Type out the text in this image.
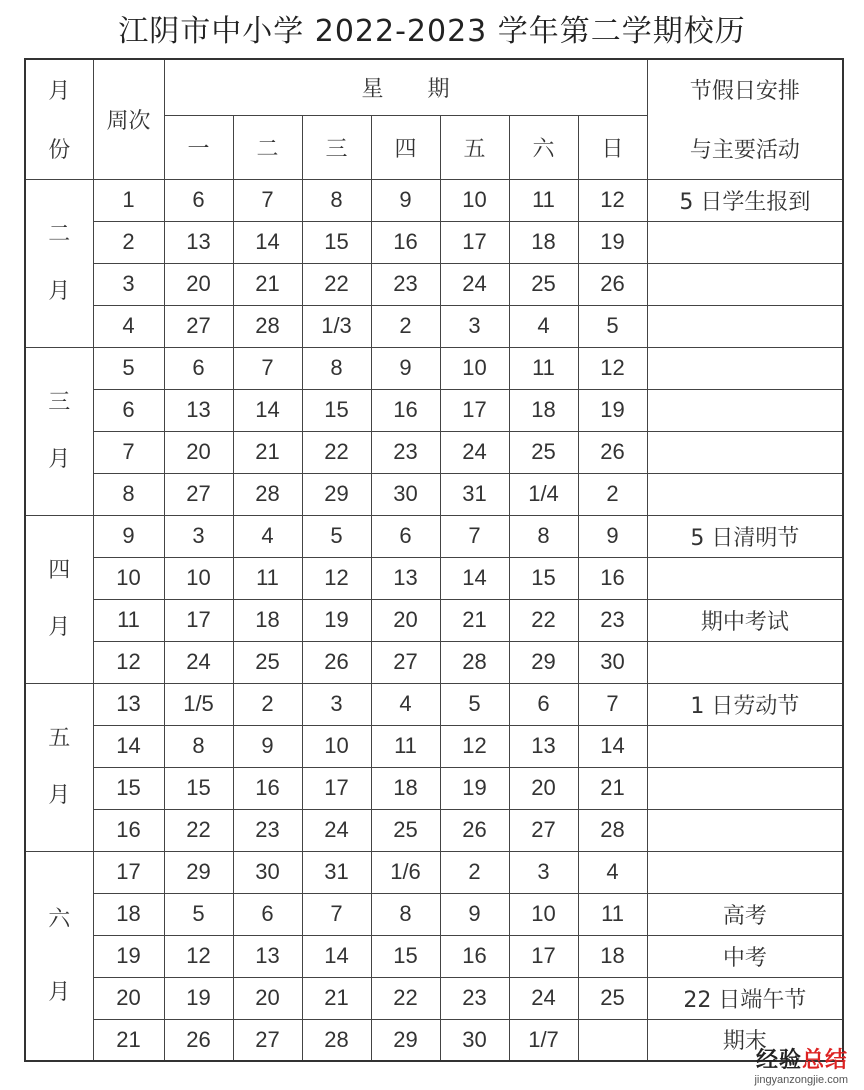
江阴市中小学 2022-2023 学年第二学期校历
月
份	周次	星　　期							节假日安排
与主要活动

		一	二	三	四	五	六	日	

二
月	1	6	7	8	9	10	11	12	5 日学生报到
	2	13	14	15	16	17	18	19	
	3	20	21	22	23	24	25	26	
	4	27	28	1/3	2	3	4	5	

三
月	5	6	7	8	9	10	11	12	
	6	13	14	15	16	17	18	19	
	7	20	21	22	23	24	25	26	
	8	27	28	29	30	31	1/4	2	

四
月	9	3	4	5	6	7	8	9	5 日清明节
	10	10	11	12	13	14	15	16	
	11	17	18	19	20	21	22	23	期中考试
	12	24	25	26	27	28	29	30	

五
月	13	1/5	2	3	4	5	6	7	1 日劳动节
	14	8	9	10	11	12	13	14	
	15	15	16	17	18	19	20	21	
	16	22	23	24	25	26	27	28	

六
月	17	29	30	31	1/6	2	3	4	
	18	5	6	7	8	9	10	11	高考
	19	12	13	14	15	16	17	18	中考
	20	19	20	21	22	23	24	25	22 日端午节
	21	26	27	28	29	30	1/7		期末
经验总结
jingyanzongjie.com
